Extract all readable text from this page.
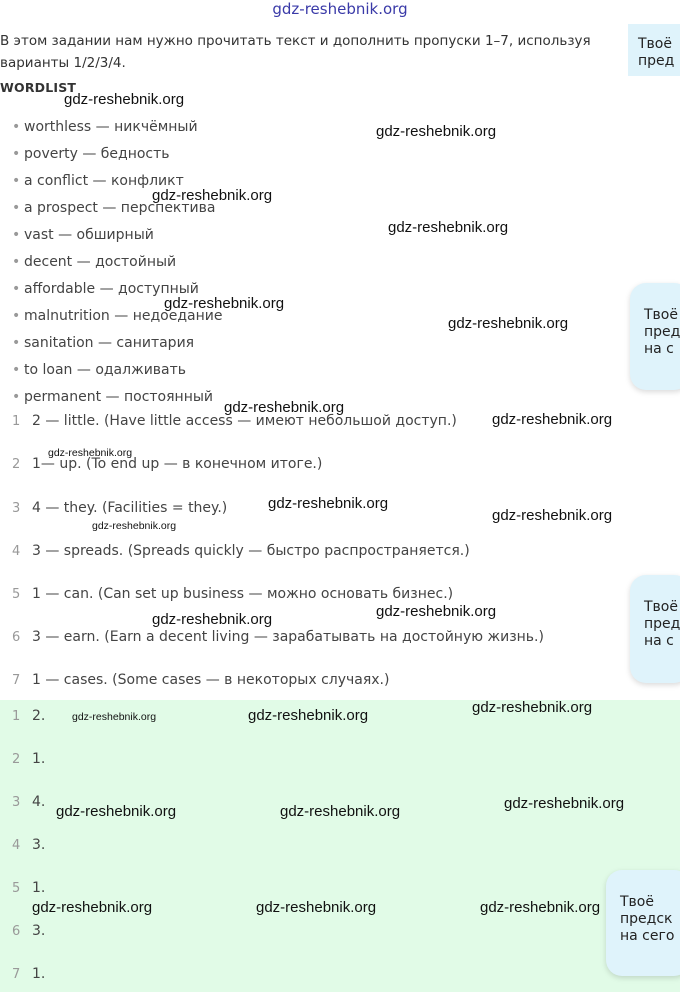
gdz-reshebnik.org
В этом задании нам нужно прочитать текст и дополнить пропуски 1–7, используя варианты 1/2/3/4.
WORDLIST
• worthless — никчёмный
• poverty — бедность
• a conflict — конфликт
• a prospect — перспектива
• vast — обширный
• decent — достойный
• affordable — доступный
• malnutrition — недоедание
• sanitation — санитария
• to loan — одалживать
• permanent — постоянный
1 2 — little. (Have little access — имеют небольшой доступ.)
2 1— up. (To end up — в конечном итоге.)
3 4 — they. (Facilities = they.)
4 3 — spreads. (Spreads quickly — быстро распространяется.)
5 1 — can. (Can set up business — можно основать бизнес.)
6 3 — earn. (Earn a decent living — зарабатывать на достойную жизнь.)
7 1 — cases. (Some cases — в некоторых случаях.)
1 2.
2 1.
3 4.
4 3.
5 1.
6 3.
7 1.
Твоё
пред
Твоё
пред
на с
Твоё
пред
на с
Твоё
предск
на сего
gdz-reshebnik.org
gdz-reshebnik.org
gdz-reshebnik.org
gdz-reshebnik.org
gdz-reshebnik.org
gdz-reshebnik.org
gdz-reshebnik.org
gdz-reshebnik.org
gdz-reshebnik.org
gdz-reshebnik.org
gdz-reshebnik.org
gdz-reshebnik.org
gdz-reshebnik.org
gdz-reshebnik.org
gdz-reshebnik.org
gdz-reshebnik.org	gdz-reshebnik.org
gdz-reshebnik.org
gdz-reshebnik.org	gdz-reshebnik.org
gdz-reshebnik.org	gdz-reshebnik.org	gdz-reshebnik.org
